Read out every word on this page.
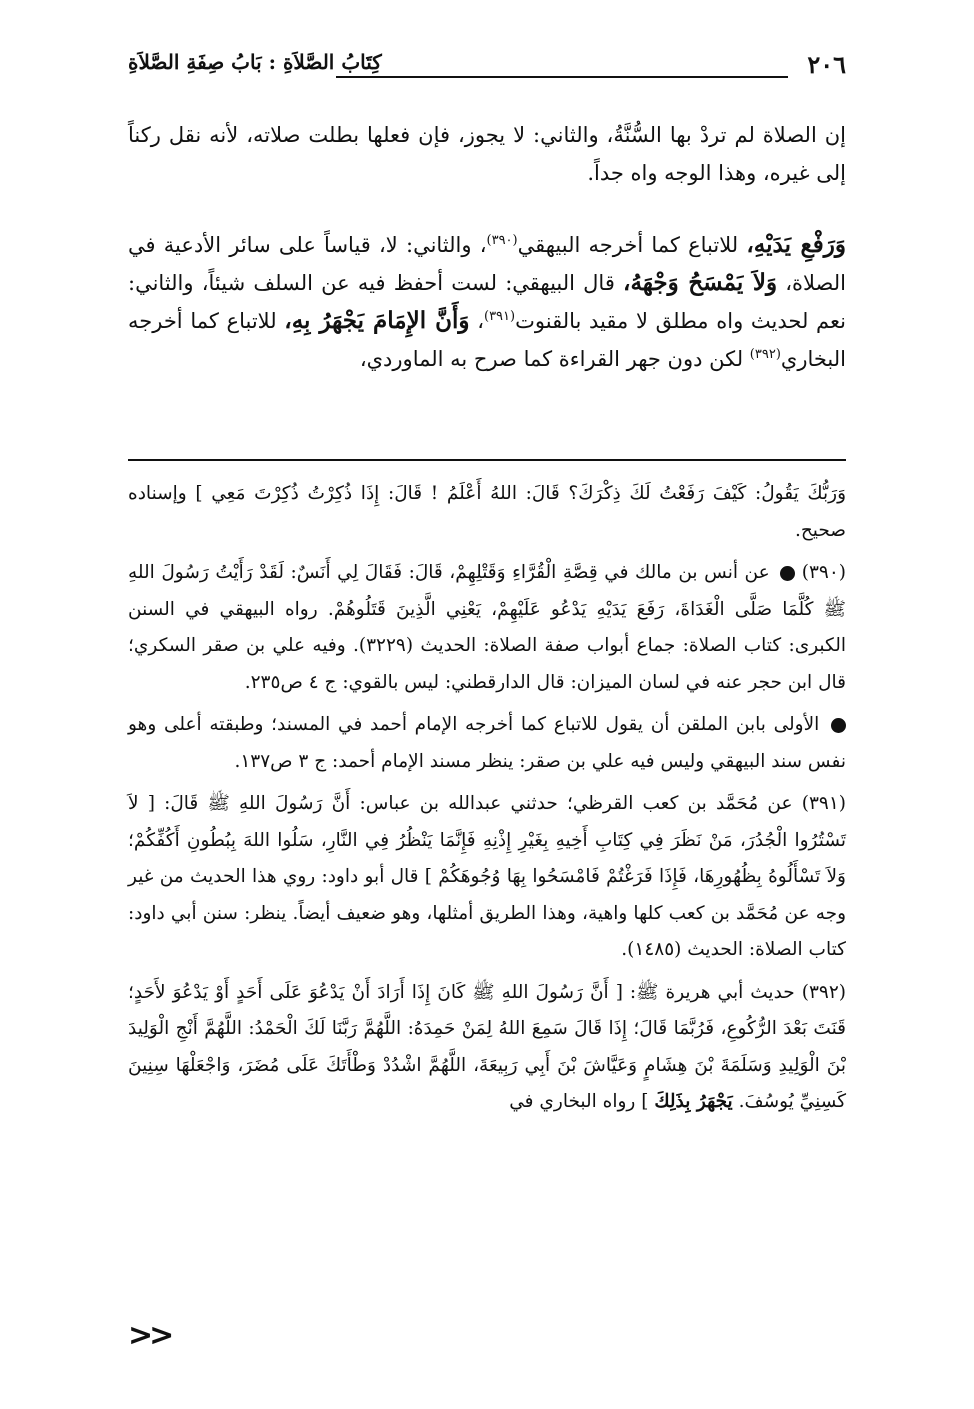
٢٠٦
كِتَابُ الصَّلاَةِ : بَابُ صِفَةِ الصَّلاَةِ

إن الصلاة لم تردْ بها السُّنَّةُ، والثاني: لا يجوز، فإن فعلها بطلت صلاته، لأنه نقل ركناً إلى غيره، وهذا الوجه واه جداً.

وَرَفْعِ يَدَيْهِ، للاتباع كما أخرجه البيهقي$^{(٣٩٠)}$، والثاني: لا، قياساً على سائر الأدعية في الصلاة، وَلاَ يَمْسَحُ وَجْهَهُ، قال البيهقي: لست أحفظ فيه عن السلف شيئاً، والثاني: نعم لحديث واه مطلق لا مقيد بالقنوت$^{(٣٩١)}$، وَأَنَّ الإِمَامَ يَجْهَرُ بِهِ، للاتباع كما أخرجه البخاري$^{(٣٩٢)}$ لكن دون جهر القراءة كما صرح به الماوردي،

وَرَبُّكَ يَقُولُ: كَيْفَ رَفَعْتُ لَكَ ذِكْرَكَ؟ قَالَ: اللهُ أَعْلَمُ ! قَالَ: إِذَا ذُكِرْتُ ذُكِرْتَ مَعِي ] وإسناده صحيح.

(٣٩٠)  عن أنس بن مالك في قِصَّةِ الْقُرَّاءِ وَقَتْلِهِمْ، قَالَ: فَقَالَ لِي أَنَسٌ: لَقَدْ رَأَيْتُ رَسُولَ اللهِ ﷺ كُلَّمَا صَلَّى الْغَدَاةَ، رَفَعَ يَدَيْهِ يَدْعُو عَلَيْهِمْ، يَعْنِي الَّذِينَ قَتَلُوهُمْ. رواه البيهقي في السنن الكبرى: كتاب الصلاة: جماع أبواب صفة الصلاة: الحديث (٣٢٢٩). وفيه علي بن صقر السكري؛ قال ابن حجر عنه في لسان الميزان: قال الدارقطني: ليس بالقوي: ج ٤ ص٢٣٥.

الأولى بابن الملقن أن يقول للاتباع كما أخرجه الإمام أحمد في المسند؛ وطبقته أعلى وهو نفس سند البيهقي وليس فيه علي بن صقر: ينظر مسند الإمام أحمد: ج ٣ ص١٣٧.

(٣٩١) عن مُحَمَّد بن كعب القرظي؛ حدثني عبدالله بن عباس: أَنَّ رَسُولَ اللهِ ﷺ قَالَ: [ لاَ تَسْتُرُوا الْجُدُرَ، مَنْ نَظَرَ فِي كِتَابِ أَخِيهِ بِغَيْرِ إِذْنِهِ فَإِنَّمَا يَنْظُرُ فِي النَّارِ، سَلُوا اللهَ بِبُطُونِ أَكُفِّكُمْ؛ وَلاَ تَسْأَلُوهُ بِظُهُورِهَا، فَإِذَا فَرَغْتُمْ فَامْسَحُوا بِهَا وُجُوهَكُمْ ] قال أبو داود: روي هذا الحديث من غير وجه عن مُحَمَّد بن كعب كلها واهية، وهذا الطريق أمثلها، وهو ضعيف أيضاً. ينظر: سنن أبي داود: كتاب الصلاة: الحديث (١٤٨٥).

(٣٩٢) حديث أبي هريرة ﷺ: [ أَنَّ رَسُولَ اللهِ ﷺ كَانَ إِذَا أَرَادَ أَنْ يَدْعُوَ عَلَى أَحَدٍ أَوْ يَدْعُوَ لأَحَدٍ؛ قَنَتَ بَعْدَ الرُّكُوعِ، فَرُبَّمَا قَالَ؛ إِذَا قَالَ سَمِعَ اللهُ لِمَنْ حَمِدَهُ: اللَّهُمَّ رَبَّنَا لَكَ الْحَمْدُ: اللَّهُمَّ أَنْجِ الْوَلِيدَ بْنَ الْوَلِيدِ وَسَلَمَةَ بْنَ هِشَامٍ وَعَيَّاشَ بْنَ أَبِي رَبِيعَةَ، اللَّهُمَّ اشْدُدْ وَطْأَتَكَ عَلَى مُضَرَ، وَاجْعَلْهَا سِنِينَ كَسِنِيِّ يُوسُفَ. يَجْهَرُ بِذَلِكَ ] رواه البخاري في

<<
